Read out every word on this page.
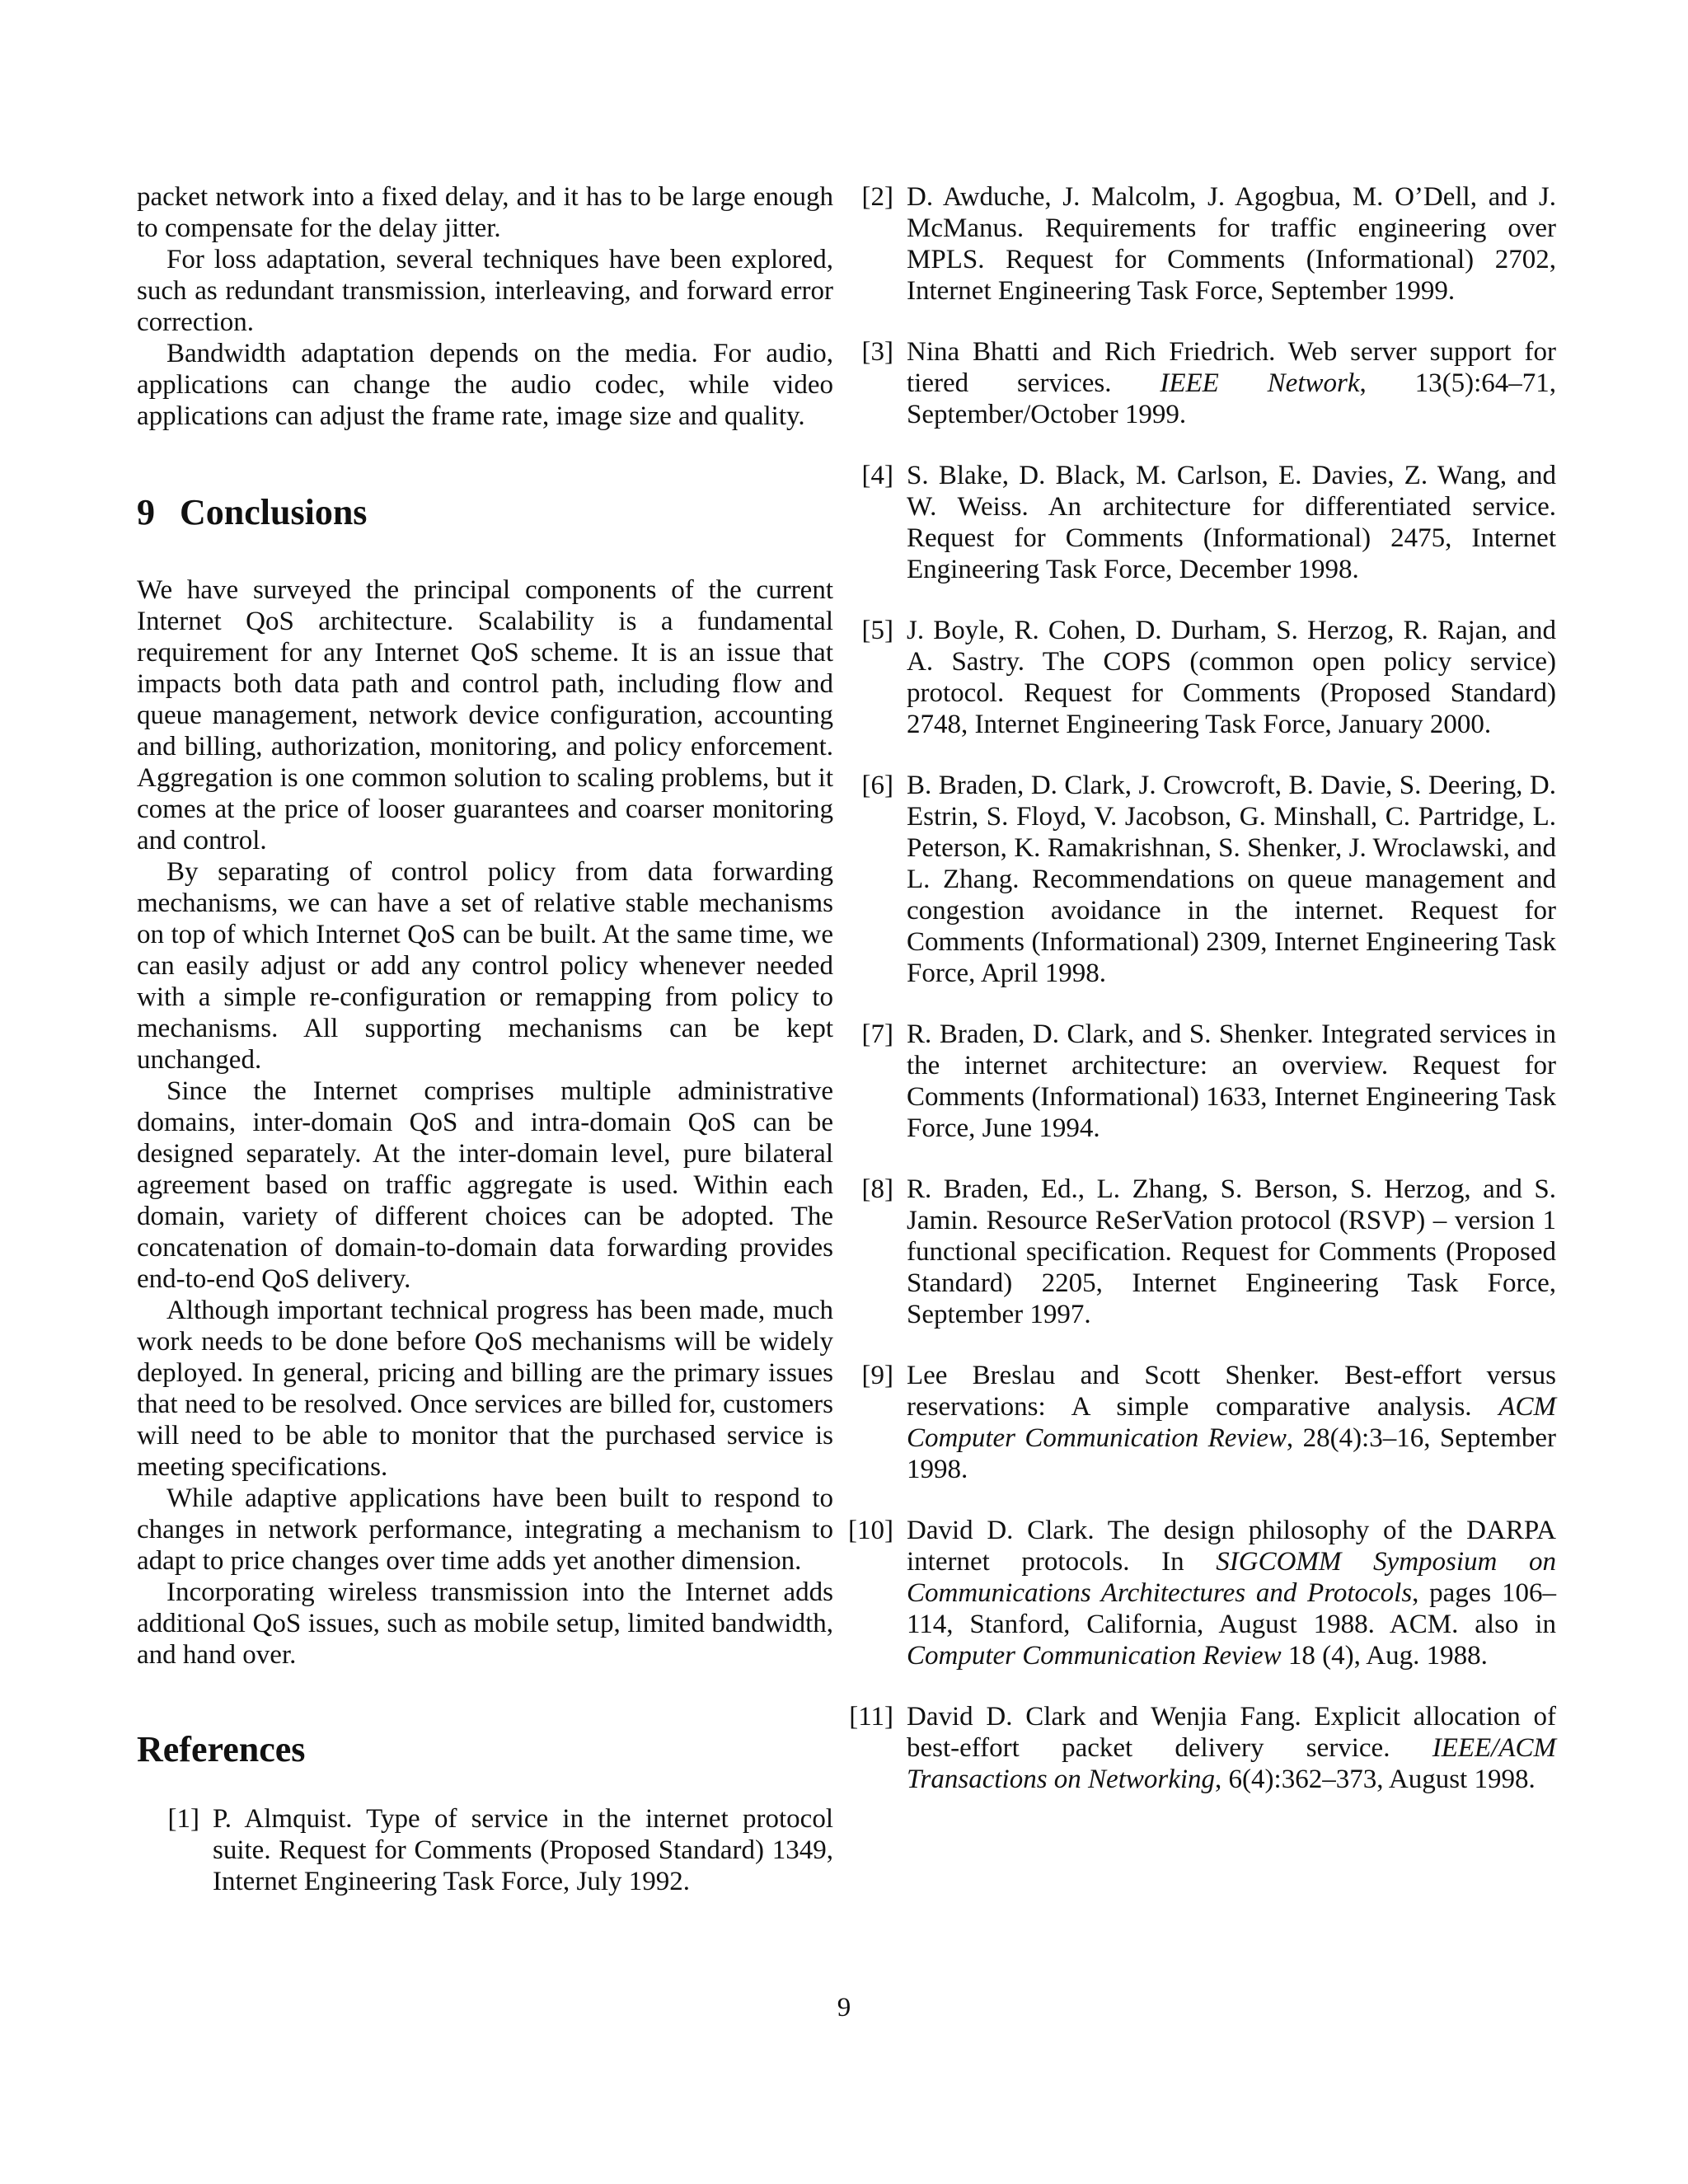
packet network into a fixed delay, and it has to be large enough to compensate for the delay jitter.

For loss adaptation, several techniques have been explored, such as redundant transmission, interleaving, and forward error correction.

Bandwidth adaptation depends on the media. For audio, applications can change the audio codec, while video applications can adjust the frame rate, image size and quality.

9 Conclusions

We have surveyed the principal components of the current Internet QoS architecture. Scalability is a fundamental requirement for any Internet QoS scheme. It is an issue that impacts both data path and control path, including flow and queue management, network device configuration, accounting and billing, authorization, monitoring, and policy enforcement. Aggregation is one common solution to scaling problems, but it comes at the price of looser guarantees and coarser monitoring and control.

By separating of control policy from data forwarding mechanisms, we can have a set of relative stable mechanisms on top of which Internet QoS can be built. At the same time, we can easily adjust or add any control policy whenever needed with a simple re-configuration or remapping from policy to mechanisms. All supporting mechanisms can be kept unchanged.

Since the Internet comprises multiple administrative domains, inter-domain QoS and intra-domain QoS can be designed separately. At the inter-domain level, pure bilateral agreement based on traffic aggregate is used. Within each domain, variety of different choices can be adopted. The concatenation of domain-to-domain data forwarding provides end-to-end QoS delivery.

Although important technical progress has been made, much work needs to be done before QoS mechanisms will be widely deployed. In general, pricing and billing are the primary issues that need to be resolved. Once services are billed for, customers will need to be able to monitor that the purchased service is meeting specifications.

While adaptive applications have been built to respond to changes in network performance, integrating a mechanism to adapt to price changes over time adds yet another dimension.

Incorporating wireless transmission into the Internet adds additional QoS issues, such as mobile setup, limited bandwidth, and hand over.

References
[1] P. Almquist. Type of service in the internet protocol suite. Request for Comments (Proposed Standard) 1349, Internet Engineering Task Force, July 1992.
[2] D. Awduche, J. Malcolm, J. Agogbua, M. O’Dell, and J. McManus. Requirements for traffic engineering over MPLS. Request for Comments (Informational) 2702, Internet Engineering Task Force, September 1999.
[3] Nina Bhatti and Rich Friedrich. Web server support for tiered services. IEEE Network, 13(5):64–71, September/October 1999.
[4] S. Blake, D. Black, M. Carlson, E. Davies, Z. Wang, and W. Weiss. An architecture for differentiated service. Request for Comments (Informational) 2475, Internet Engineering Task Force, December 1998.
[5] J. Boyle, R. Cohen, D. Durham, S. Herzog, R. Rajan, and A. Sastry. The COPS (common open policy service) protocol. Request for Comments (Proposed Standard) 2748, Internet Engineering Task Force, January 2000.
[6] B. Braden, D. Clark, J. Crowcroft, B. Davie, S. Deering, D. Estrin, S. Floyd, V. Jacobson, G. Minshall, C. Partridge, L. Peterson, K. Ramakrishnan, S. Shenker, J. Wroclawski, and L. Zhang. Recommendations on queue management and congestion avoidance in the internet. Request for Comments (Informational) 2309, Internet Engineering Task Force, April 1998.
[7] R. Braden, D. Clark, and S. Shenker. Integrated services in the internet architecture: an overview. Request for Comments (Informational) 1633, Internet Engineering Task Force, June 1994.
[8] R. Braden, Ed., L. Zhang, S. Berson, S. Herzog, and S. Jamin. Resource ReSerVation protocol (RSVP) – version 1 functional specification. Request for Comments (Proposed Standard) 2205, Internet Engineering Task Force, September 1997.
[9] Lee Breslau and Scott Shenker. Best-effort versus reservations: A simple comparative analysis. ACM Computer Communication Review, 28(4):3–16, September 1998.
[10] David D. Clark. The design philosophy of the DARPA internet protocols. In SIGCOMM Symposium on Communications Architectures and Protocols, pages 106–114, Stanford, California, August 1988. ACM. also in Computer Communication Review 18 (4), Aug. 1988.
[11] David D. Clark and Wenjia Fang. Explicit allocation of best-effort packet delivery service. IEEE/ACM Transactions on Networking, 6(4):362–373, August 1998.
9
